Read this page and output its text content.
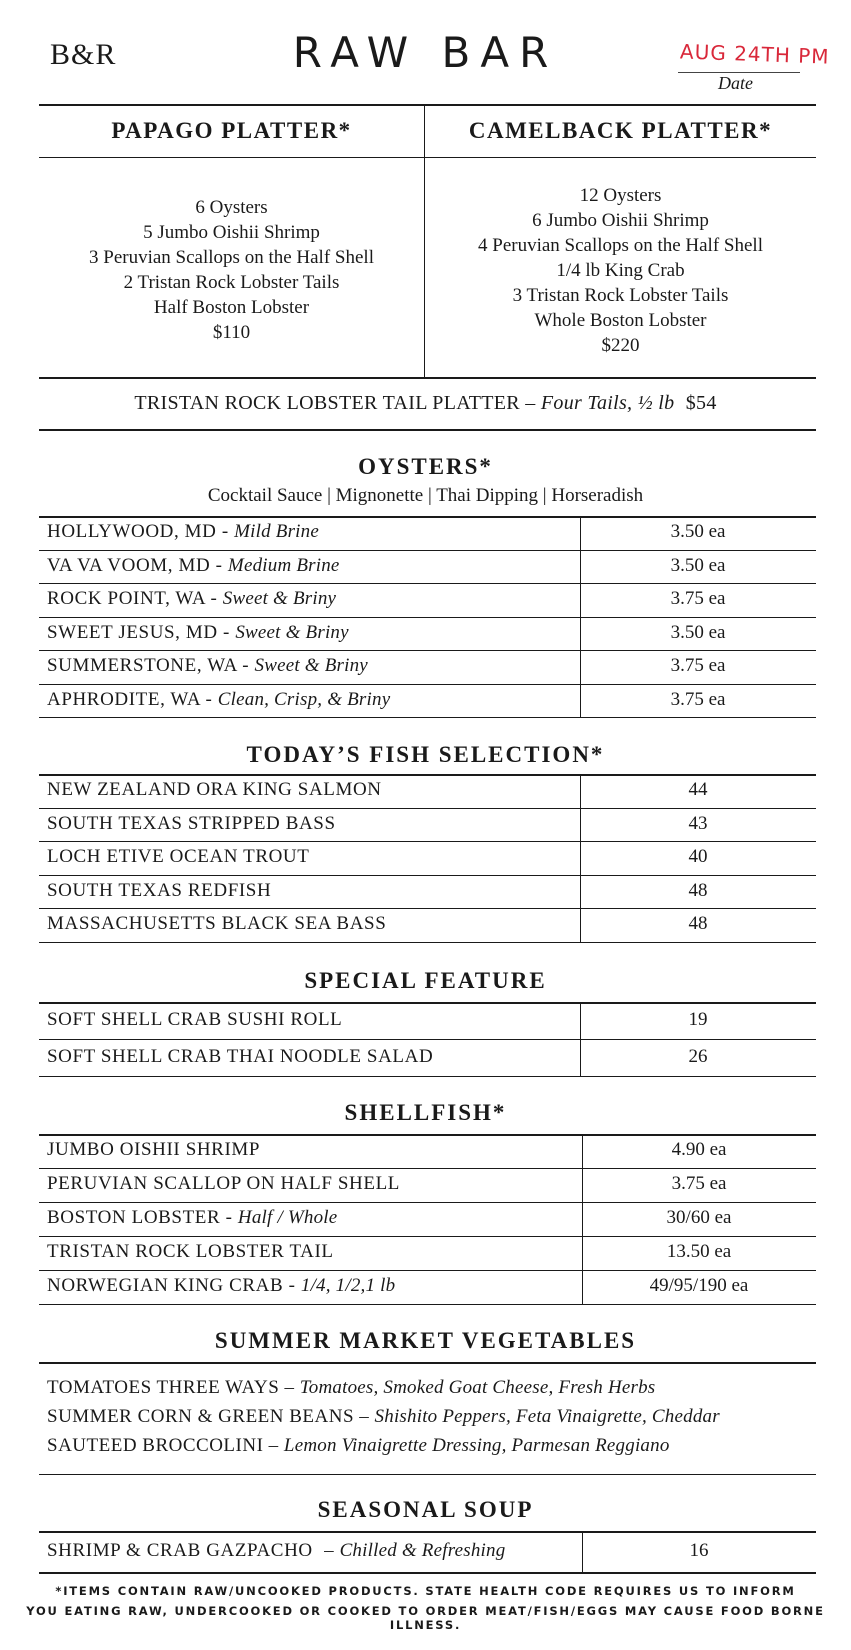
B&R	RAW BAR	AUG 24TH PM
Date
PAPAGO PLATTER*	CAMELBACK PLATTER*
6 Oysters
5 Jumbo Oishii Shrimp
3 Peruvian Scallops on the Half Shell
2 Tristan Rock Lobster Tails
Half Boston Lobster
$110
12 Oysters
6 Jumbo Oishii Shrimp
4 Peruvian Scallops on the Half Shell
1/4 lb King Crab
3 Tristan Rock Lobster Tails
Whole Boston Lobster
$220
TRISTAN ROCK LOBSTER TAIL PLATTER – Four Tails, ½ lb $54
OYSTERS*
Cocktail Sauce | Mignonette | Thai Dipping | Horseradish
HOLLYWOOD, MD - Mild Brine	3.50 ea
VA VA VOOM, MD - Medium Brine	3.50 ea
ROCK POINT, WA - Sweet & Briny	3.75 ea
SWEET JESUS, MD - Sweet & Briny	3.50 ea
SUMMERSTONE, WA - Sweet & Briny	3.75 ea
APHRODITE, WA - Clean, Crisp, & Briny	3.75 ea
TODAY’S FISH SELECTION*
NEW ZEALAND ORA KING SALMON	44
SOUTH TEXAS STRIPPED BASS	43
LOCH ETIVE OCEAN TROUT	40
SOUTH TEXAS REDFISH	48
MASSACHUSETTS BLACK SEA BASS	48
SPECIAL FEATURE
SOFT SHELL CRAB SUSHI ROLL	19
SOFT SHELL CRAB THAI NOODLE SALAD	26
SHELLFISH*
JUMBO OISHII SHRIMP	4.90 ea
PERUVIAN SCALLOP ON HALF SHELL	3.75 ea
BOSTON LOBSTER - Half / Whole	30/60 ea
TRISTAN ROCK LOBSTER TAIL	13.50 ea
NORWEGIAN KING CRAB - 1/4, 1/2,1 lb	49/95/190 ea
SUMMER MARKET VEGETABLES
TOMATOES THREE WAYS – Tomatoes, Smoked Goat Cheese, Fresh Herbs
SUMMER CORN & GREEN BEANS – Shishito Peppers, Feta Vinaigrette, Cheddar
SAUTEED BROCCOLINI – Lemon Vinaigrette Dressing, Parmesan Reggiano
SEASONAL SOUP
SHRIMP & CRAB GAZPACHO – Chilled & Refreshing	16
*ITEMS CONTAIN RAW/UNCOOKED PRODUCTS. STATE HEALTH CODE REQUIRES US TO INFORM
YOU EATING RAW, UNDERCOOKED OR COOKED TO ORDER MEAT/FISH/EGGS MAY CAUSE FOOD BORNE ILLNESS.
